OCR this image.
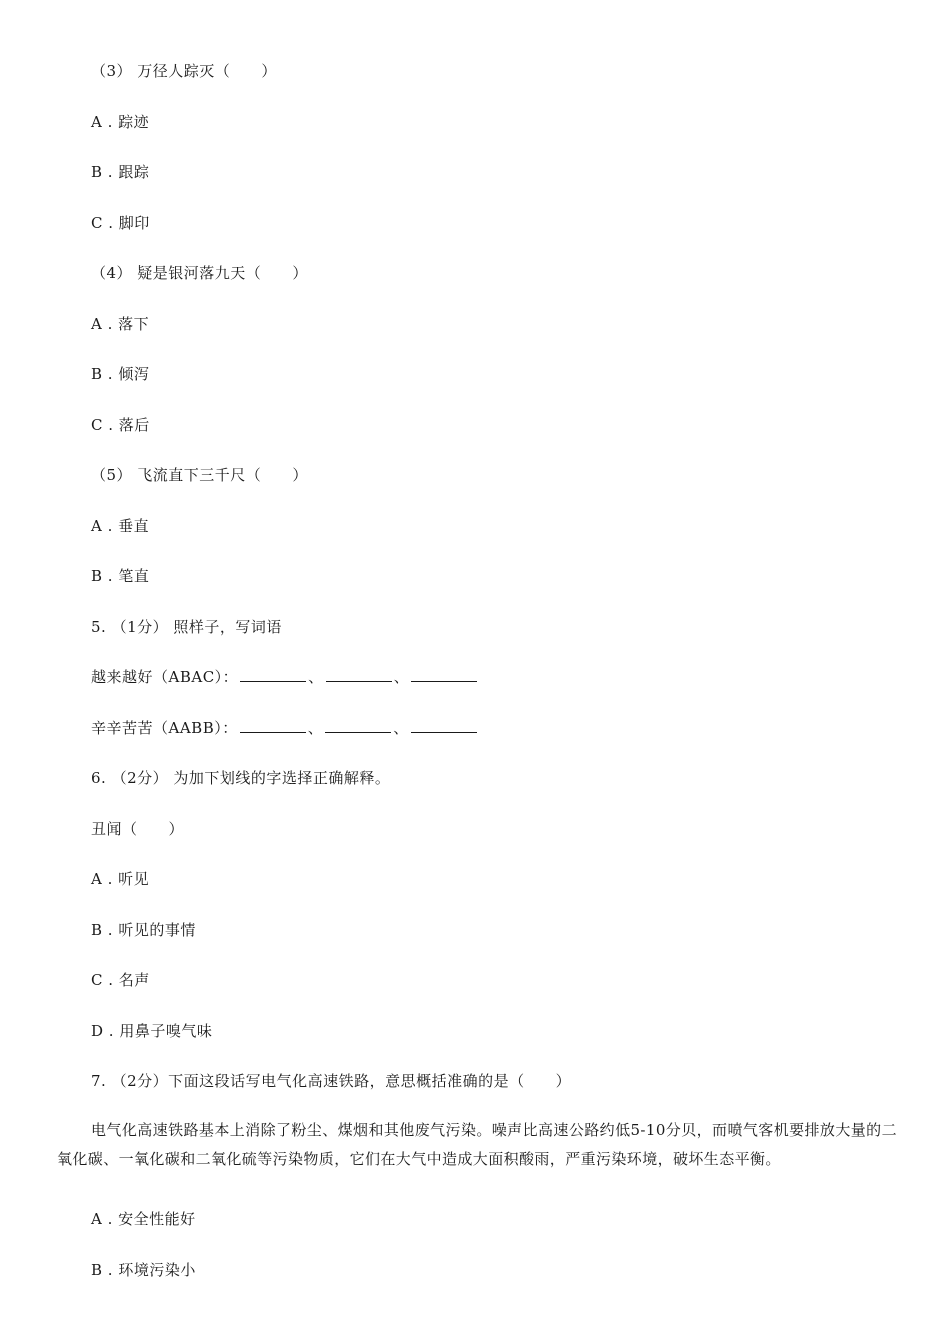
（3） 万径人踪灭（　　）
A . 踪迹
B . 跟踪
C . 脚印
（4） 疑是银河落九天（　　）
A . 落下
B . 倾泻
C . 落后
（5） 飞流直下三千尺（　　）
A . 垂直
B . 笔直
5. （1分） 照样子，写词语
越来越好（ABAC）：	、	、
辛辛苦苦（AABB）：	、	、
6. （2分） 为加下划线的字选择正确解释。
丑闻（　　）
A . 听见
B . 听见的事情
C . 名声
D . 用鼻子嗅气味
7. （2分）下面这段话写电气化高速铁路，意思概括准确的是（　　）
电气化高速铁路基本上消除了粉尘、煤烟和其他废气污染。噪声比高速公路约低5-10分贝，而喷气客机要排放大量的二氧化碳、一氧化碳和二氧化硫等污染物质，它们在大气中造成大面积酸雨，严重污染环境，破坏生态平衡。
A . 安全性能好
B . 环境污染小
